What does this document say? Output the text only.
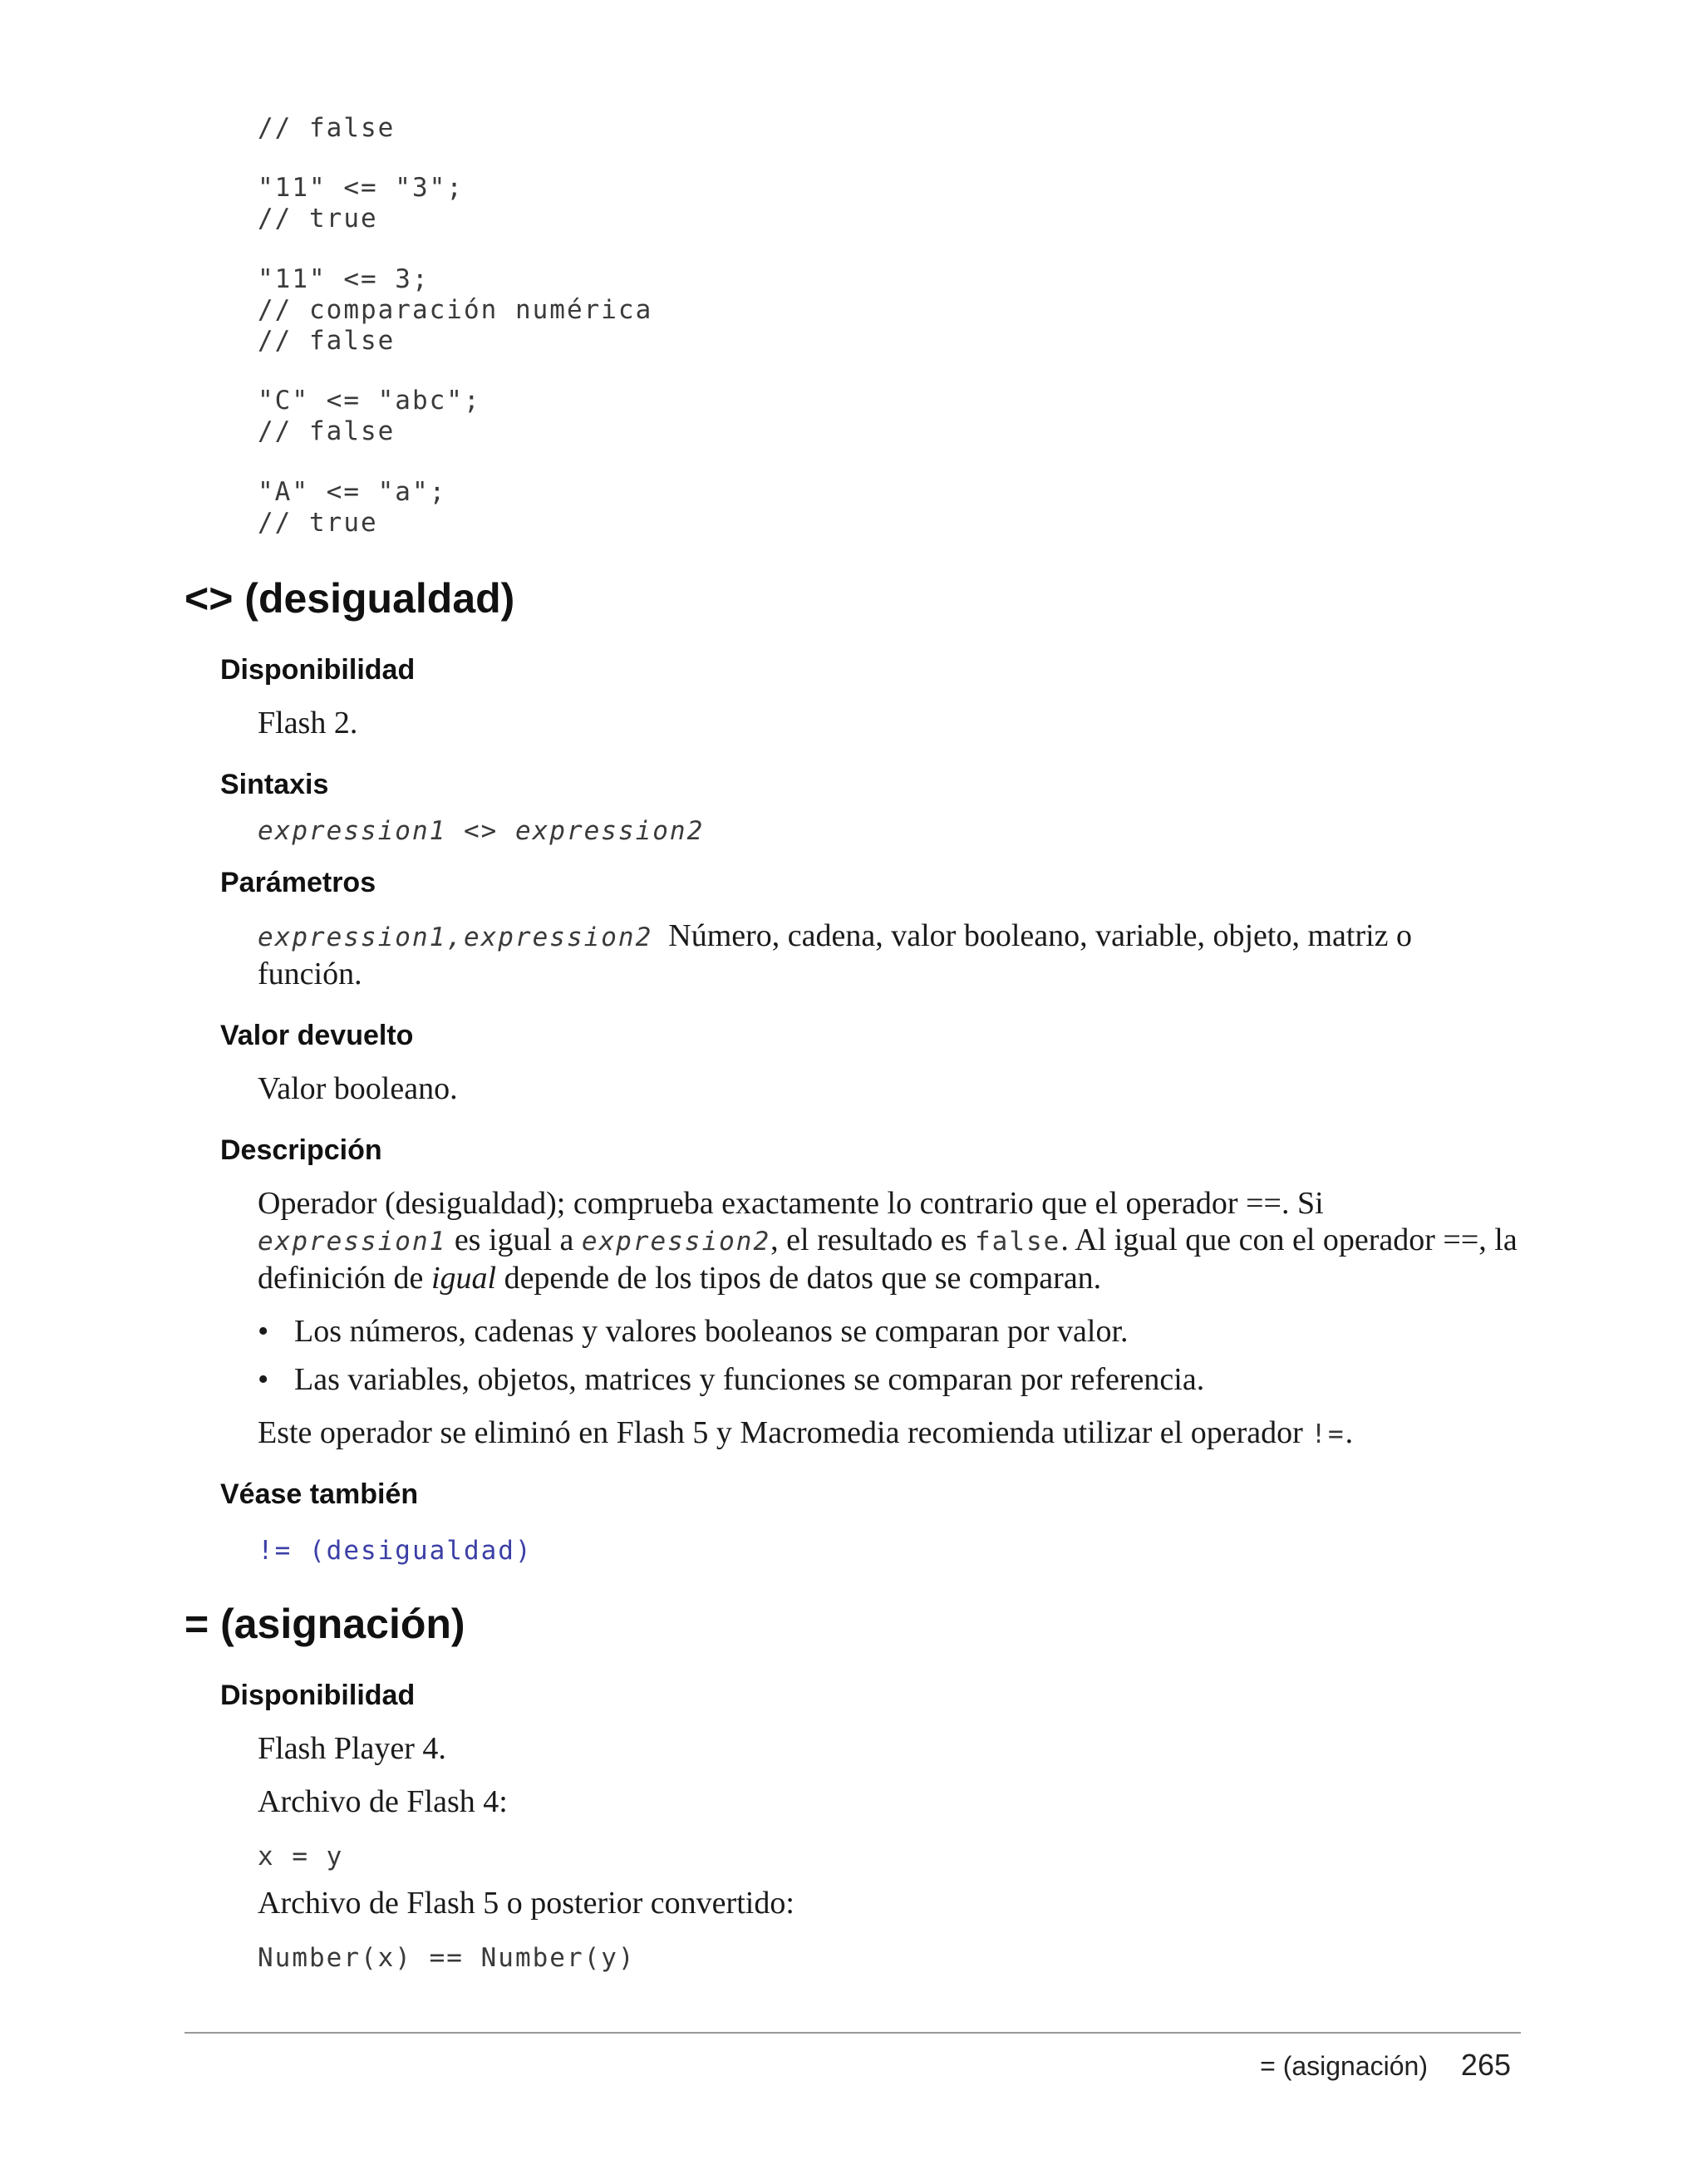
// false
"11" <= "3";
// true
"11" <= 3;
// comparación numérica
// false
"C" <= "abc";
// false
"A" <= "a";
// true
<> (desigualdad)
Disponibilidad
Flash 2.
Sintaxis
expression1 <> expression2
Parámetros
expression1,expression2 Número, cadena, valor booleano, variable, objeto, matriz o
función.
Valor devuelto
Valor booleano.
Descripción
Operador (desigualdad); comprueba exactamente lo contrario que el operador ==. Si
expression1 es igual a expression2, el resultado es false. Al igual que con el operador ==, la
definición de igual depende de los tipos de datos que se comparan.
• Los números, cadenas y valores booleanos se comparan por valor.
• Las variables, objetos, matrices y funciones se comparan por referencia.
Este operador se eliminó en Flash 5 y Macromedia recomienda utilizar el operador !=.
Véase también
!= (desigualdad)
= (asignación)
Disponibilidad
Flash Player 4.
Archivo de Flash 4:
x = y
Archivo de Flash 5 o posterior convertido:
Number(x) == Number(y)
= (asignación) 265
